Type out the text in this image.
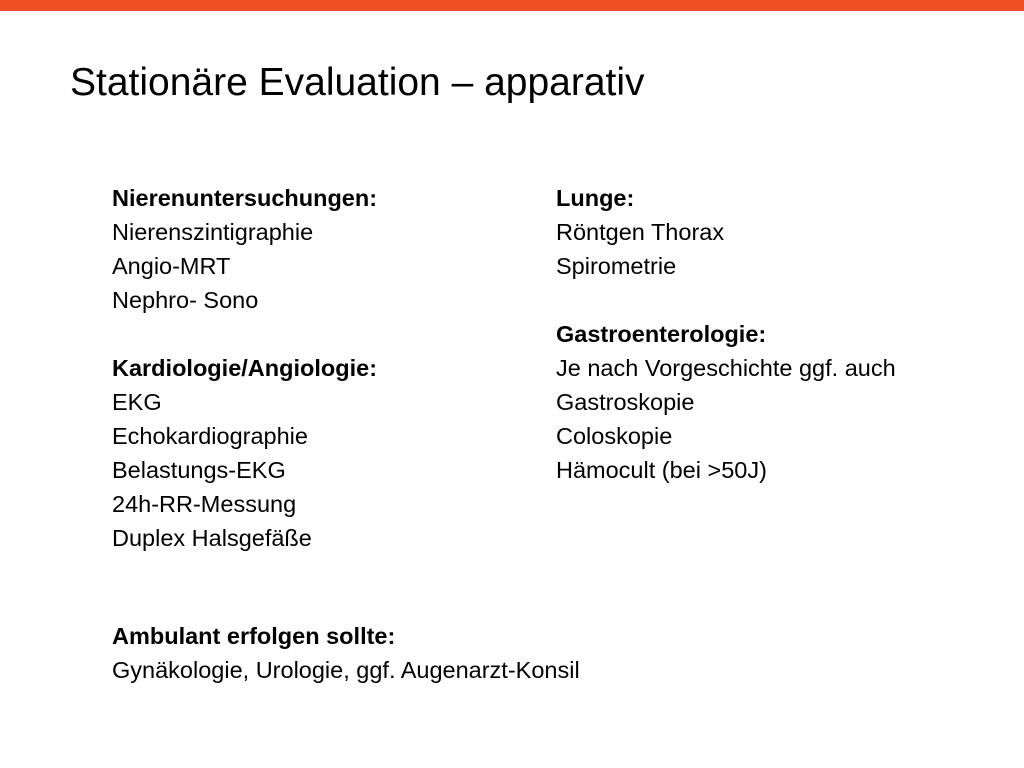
Stationäre Evaluation – apparativ
Nierenuntersuchungen:
Nierenszintigraphie
Angio-MRT
Nephro- Sono
Kardiologie/Angiologie:
EKG
Echokardiographie
Belastungs-EKG
24h-RR-Messung
Duplex Halsgefäße
Lunge:
Röntgen Thorax
Spirometrie
Gastroenterologie:
Je nach Vorgeschichte ggf. auch
Gastroskopie
Coloskopie
Hämocult (bei >50J)
Ambulant erfolgen sollte:
Gynäkologie, Urologie, ggf. Augenarzt-Konsil
